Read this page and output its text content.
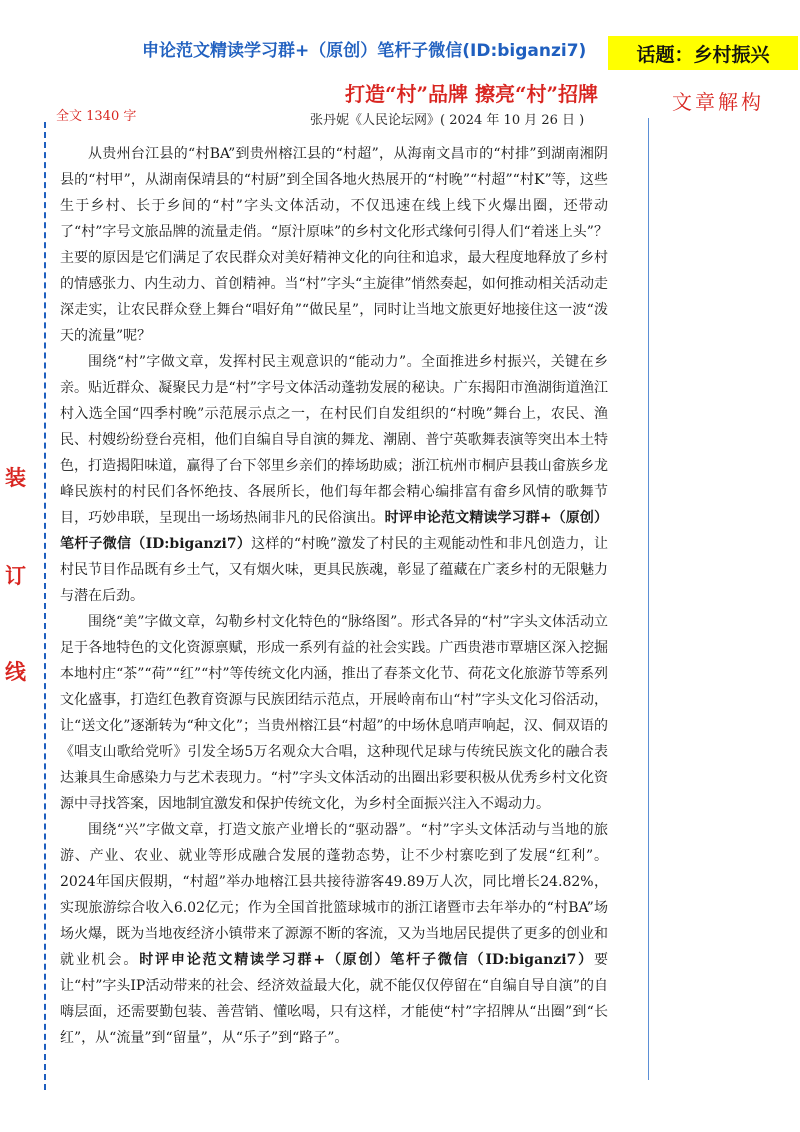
申论范文精读学习群+（原创）笔杆子微信(ID:biganzi7)	话题：乡村振兴
打造“村”品牌 擦亮“村”招牌	文章解构
全文 1340 字	张丹妮《人民论坛网》( 2024 年 10 月 26 日 )
装
订
线

从贵州台江县的“村BA”到贵州榕江县的“村超”，从海南文昌市的“村排”到湖南湘阴县的“村甲”，从湖南保靖县的“村厨”到全国各地火热展开的“村晚”“村超”“村K”等，这些生于乡村、长于乡间的“村”字头文体活动，不仅迅速在线上线下火爆出圈，还带动了“村”字号文旅品牌的流量走俏。“原汁原味”的乡村文化形式缘何引得人们“着迷上头”？主要的原因是它们满足了农民群众对美好精神文化的向往和追求，最大程度地释放了乡村的情感张力、内生动力、首创精神。当“村”字头“主旋律”悄然奏起，如何推动相关活动走深走实，让农民群众登上舞台“唱好角”“做民星”，同时让当地文旅更好地接住这一波“泼天的流量”呢？

围绕“村”字做文章，发挥村民主观意识的“能动力”。全面推进乡村振兴，关键在乡亲。贴近群众、凝聚民力是“村”字号文体活动蓬勃发展的秘诀。广东揭阳市渔湖街道渔江村入选全国“四季村晚”示范展示点之一，在村民们自发组织的“村晚”舞台上，农民、渔民、村嫂纷纷登台亮相，他们自编自导自演的舞龙、潮剧、普宁英歌舞表演等突出本土特色，打造揭阳味道，赢得了台下邻里乡亲们的捧场助威；浙江杭州市桐庐县莪山畲族乡龙峰民族村的村民们各怀绝技、各展所长，他们每年都会精心编排富有畲乡风情的歌舞节目，巧妙串联，呈现出一场场热闹非凡的民俗演出。时评申论范文精读学习群+（原创）笔杆子微信（ID:biganzi7）这样的“村晚”激发了村民的主观能动性和非凡创造力，让村民节目作品既有乡土气，又有烟火味，更具民族魂，彰显了蕴藏在广袤乡村的无限魅力与潜在后劲。

围绕“美”字做文章，勾勒乡村文化特色的“脉络图”。形式各异的“村”字头文体活动立足于各地特色的文化资源禀赋，形成一系列有益的社会实践。广西贵港市覃塘区深入挖掘本地村庄“茶”“荷”“红”“村”等传统文化内涵，推出了春茶文化节、荷花文化旅游节等系列文化盛事，打造红色教育资源与民族团结示范点，开展岭南布山“村”字头文化习俗活动，让“送文化”逐渐转为“种文化”；当贵州榕江县“村超”的中场休息哨声响起，汉、侗双语的《唱支山歌给党听》引发全场5万名观众大合唱，这种现代足球与传统民族文化的融合表达兼具生命感染力与艺术表现力。“村”字头文体活动的出圈出彩要积极从优秀乡村文化资源中寻找答案，因地制宜激发和保护传统文化，为乡村全面振兴注入不竭动力。

围绕“兴”字做文章，打造文旅产业增长的“驱动器”。“村”字头文体活动与当地的旅游、产业、农业、就业等形成融合发展的蓬勃态势，让不少村寨吃到了发展“红利”。2024年国庆假期，“村超”举办地榕江县共接待游客49.89万人次，同比增长24.82%，实现旅游综合收入6.02亿元；作为全国首批篮球城市的浙江诸暨市去年举办的“村BA”场场火爆，既为当地夜经济小镇带来了源源不断的客流，又为当地居民提供了更多的创业和就业机会。时评申论范文精读学习群+（原创）笔杆子微信（ID:biganzi7）要让“村”字头IP活动带来的社会、经济效益最大化，就不能仅仅停留在“自编自导自演”的自嗨层面，还需要勤包装、善营销、懂吆喝，只有这样，才能使“村”字招牌从“出圈”到“长红”，从“流量”到“留量”，从“乐子”到“路子”。
